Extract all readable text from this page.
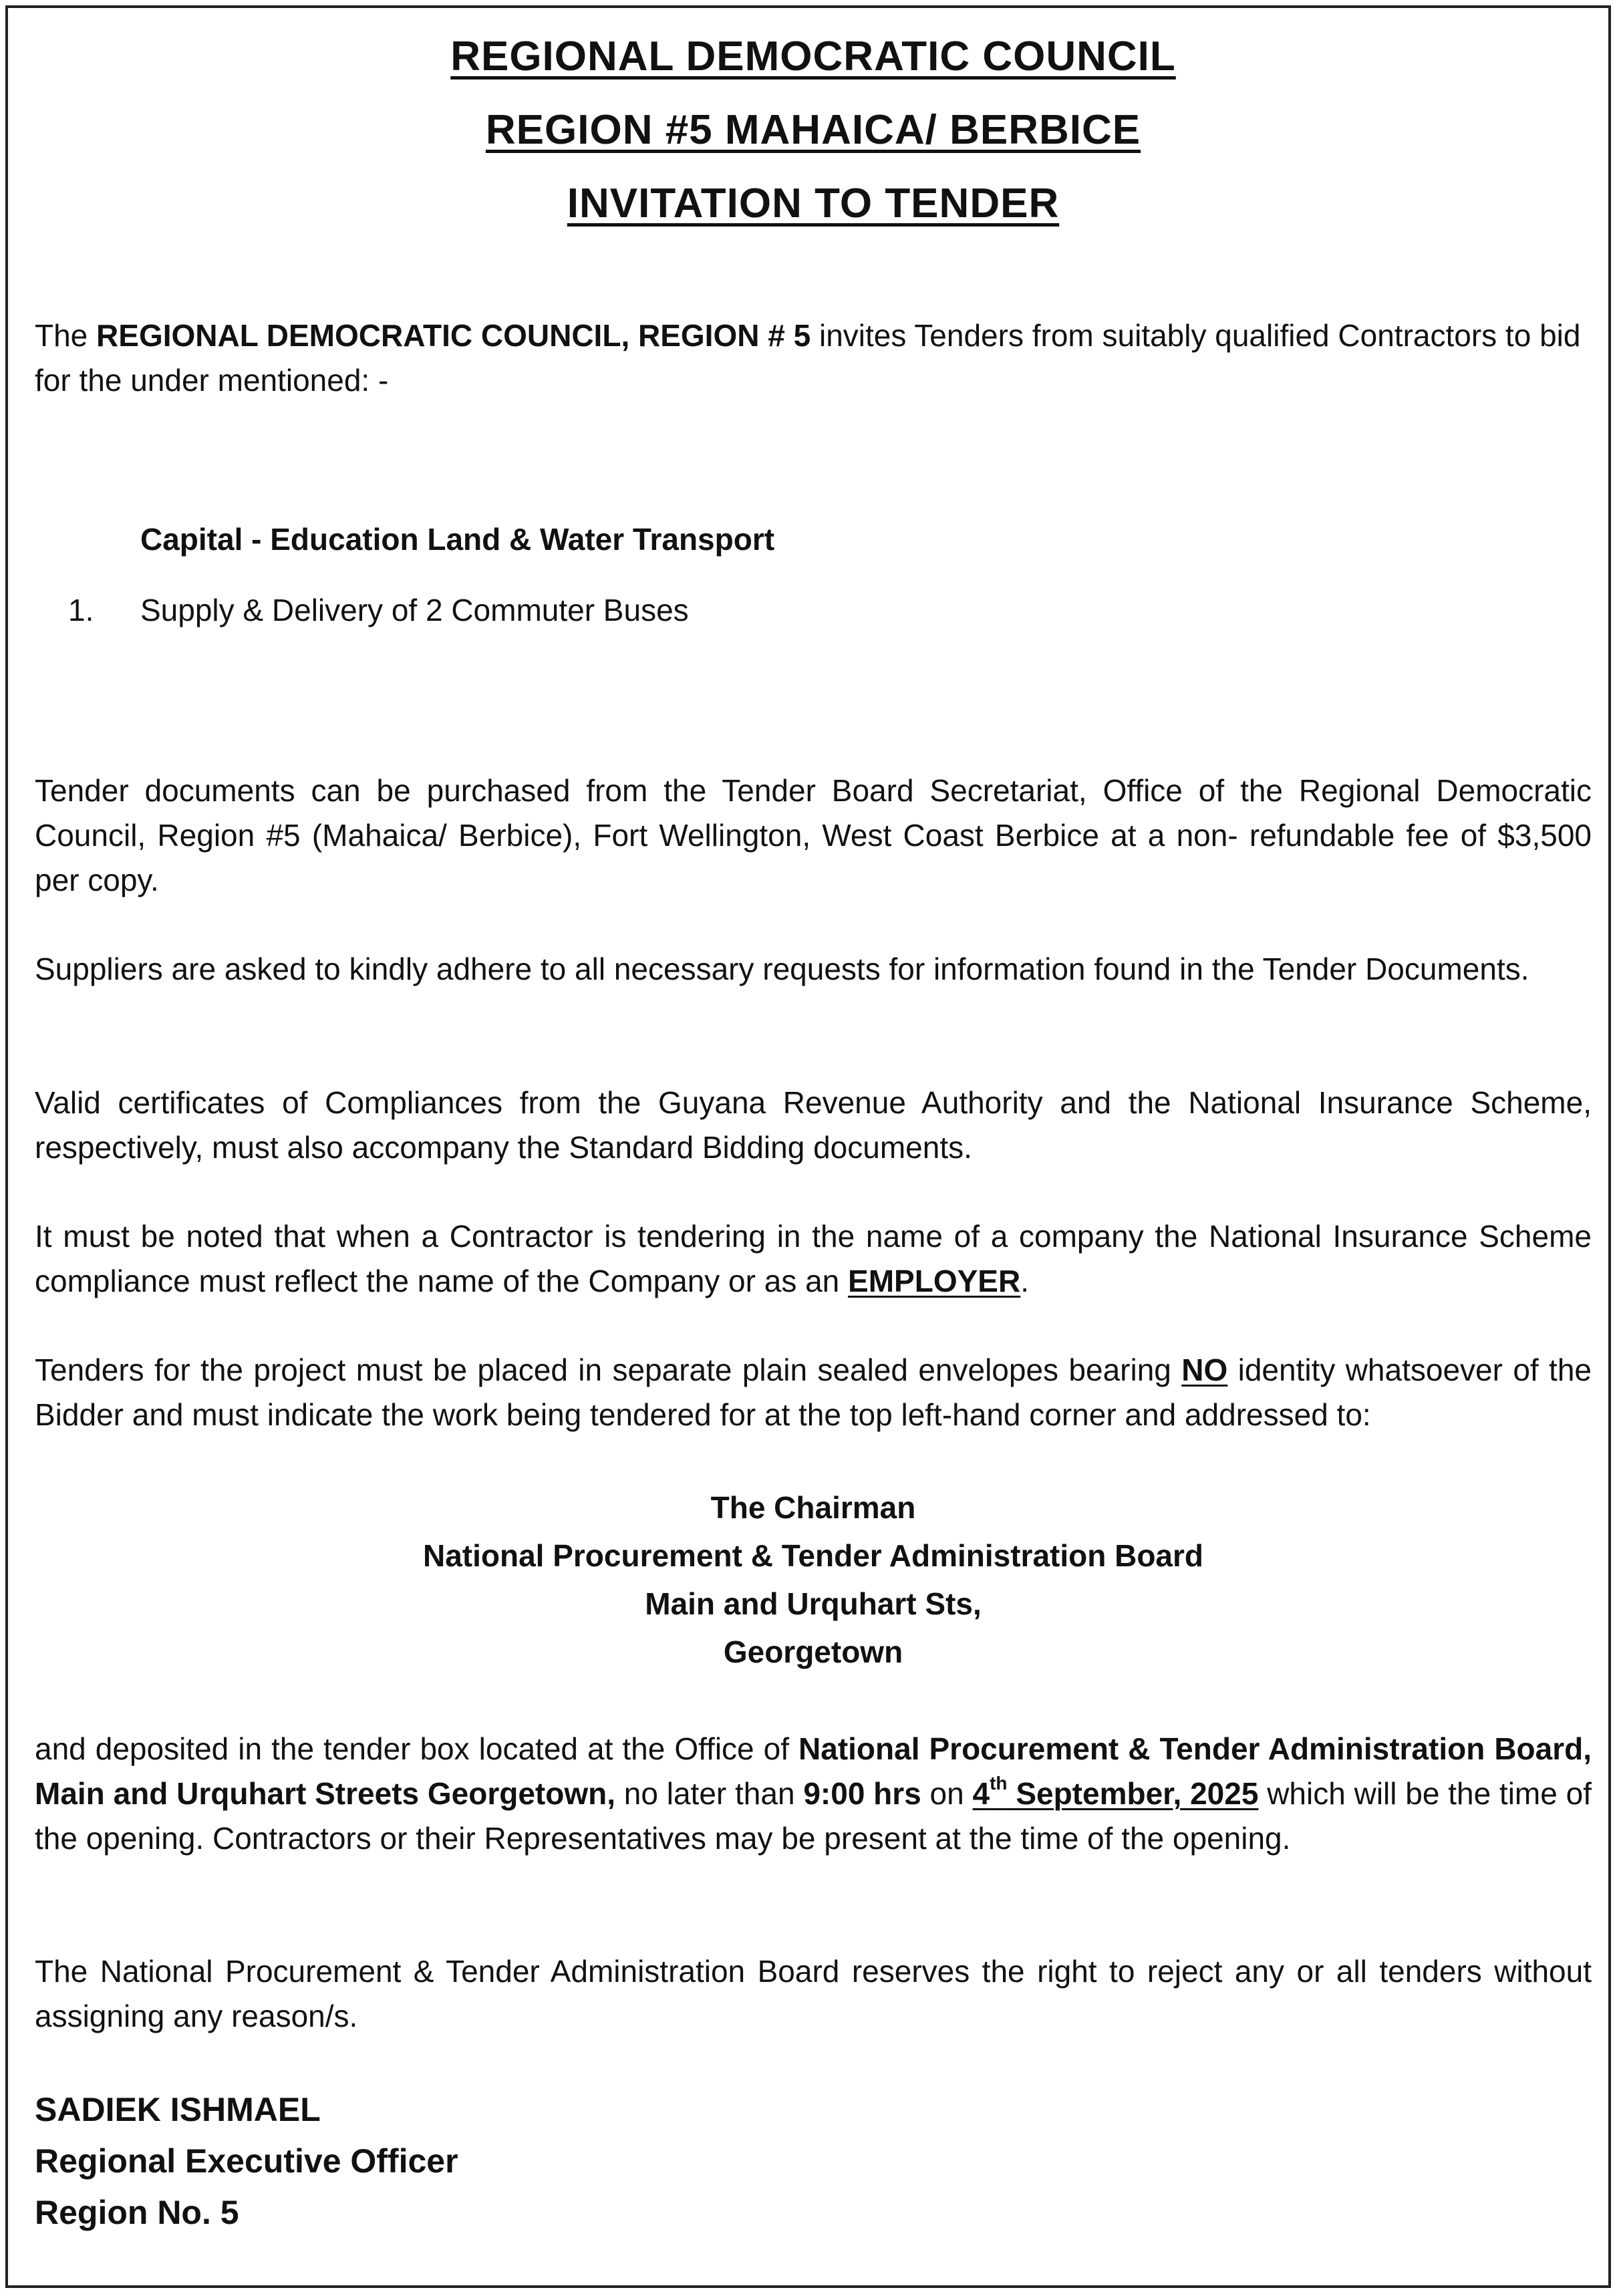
REGIONAL DEMOCRATIC COUNCIL

REGION #5 MAHAICA/ BERBICE

INVITATION TO TENDER

The REGIONAL DEMOCRATIC COUNCIL, REGION # 5 invites Tenders from suitably qualified Contractors to bid for the under mentioned: -

Capital - Education Land & Water Transport
1.	Supply & Delivery of 2 Commuter Buses

Tender documents can be purchased from the Tender Board Secretariat, Office of the Regional Democratic Council, Region #5 (Mahaica/ Berbice), Fort Wellington, West Coast Berbice at a non- refundable fee of $3,500 per copy.

Suppliers are asked to kindly adhere to all necessary requests for information found in the Tender Documents.

Valid certificates of Compliances from the Guyana Revenue Authority and the National Insurance Scheme, respectively, must also accompany the Standard Bidding documents.

It must be noted that when a Contractor is tendering in the name of a company the National Insurance Scheme compliance must reflect the name of the Company or as an EMPLOYER.

Tenders for the project must be placed in separate plain sealed envelopes bearing NO identity whatsoever of the Bidder and must indicate the work being tendered for at the top left-hand corner and addressed to:

The Chairman

National Procurement & Tender Administration Board

Main and Urquhart Sts,

Georgetown

and deposited in the tender box located at the Office of National Procurement & Tender Administration Board, Main and Urquhart Streets Georgetown, no later than 9:00 hrs on 4th September, 2025 which will be the time of the opening. Contractors or their Representatives may be present at the time of the opening.

The National Procurement & Tender Administration Board reserves the right to reject any or all tenders without assigning any reason/s.

SADIEK ISHMAEL

Regional Executive Officer

Region No. 5
